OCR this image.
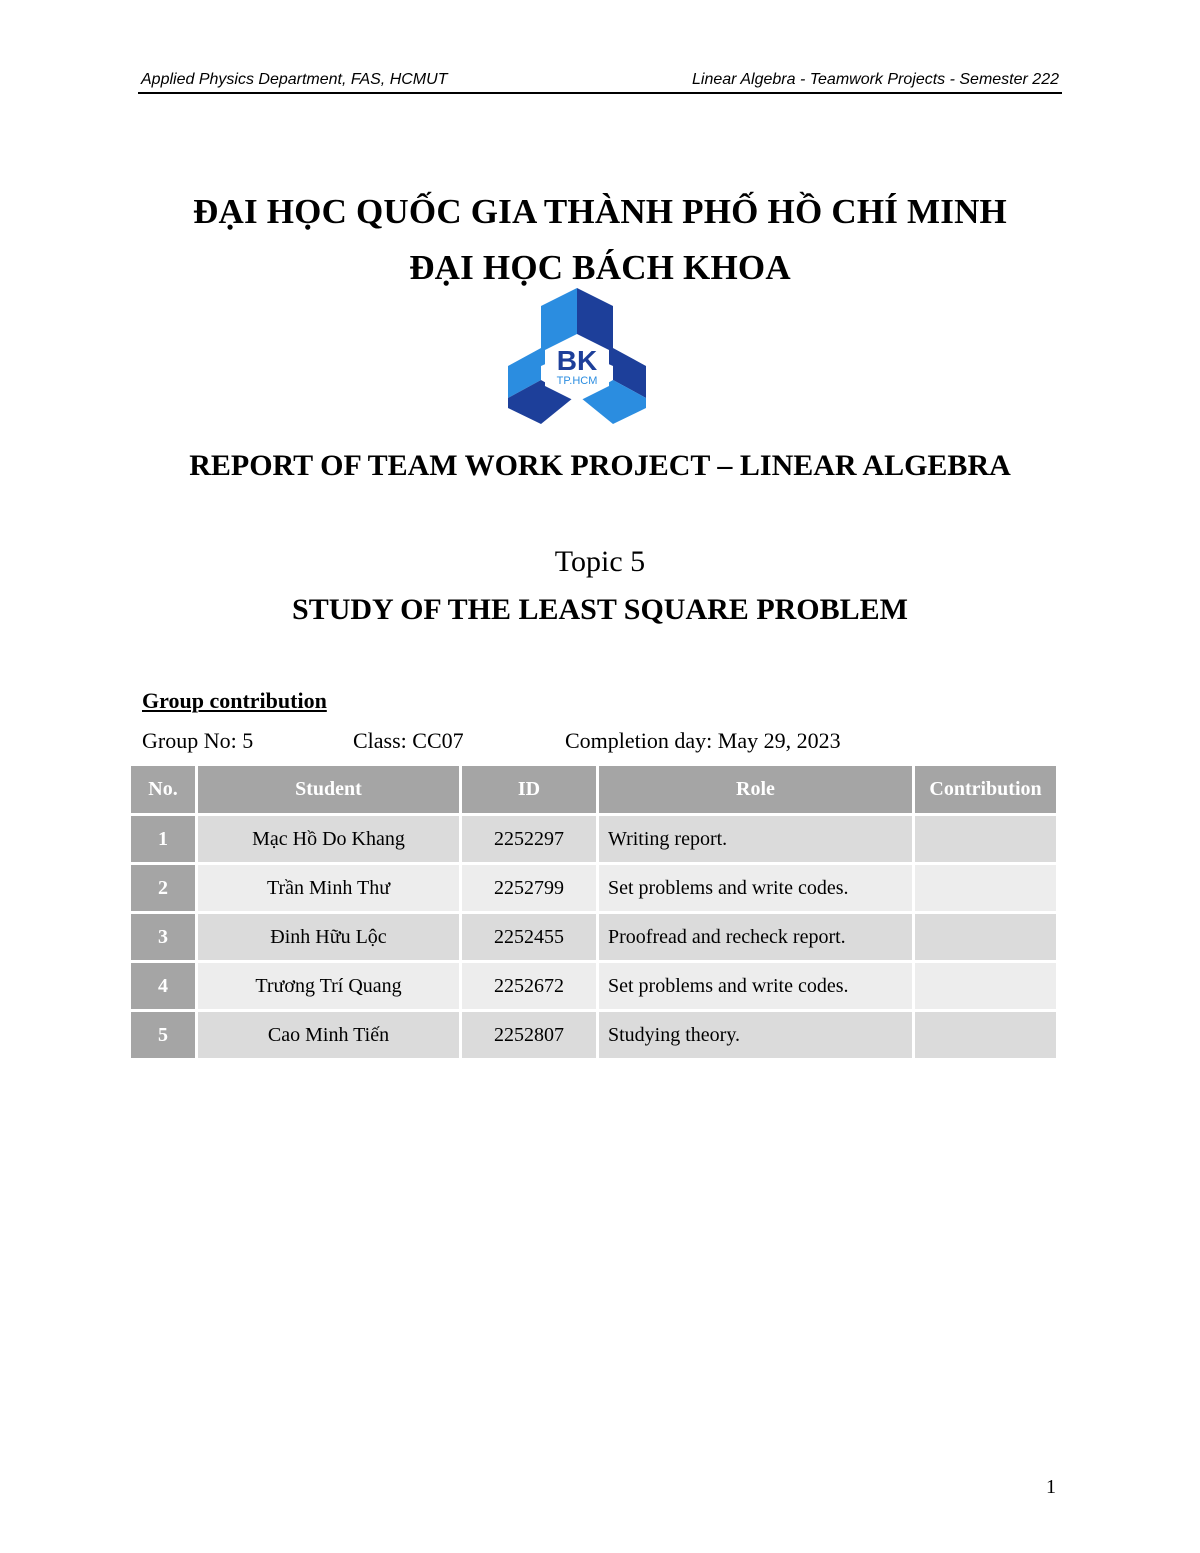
Applied Physics Department, FAS, HCMUT	Linear Algebra - Teamwork Projects - Semester 222
ĐẠI HỌC QUỐC GIA THÀNH PHỐ HỒ CHÍ MINH
ĐẠI HỌC BÁCH KHOA
BK
TP.HCM
REPORT OF TEAM WORK PROJECT – LINEAR ALGEBRA
Topic 5
STUDY OF THE LEAST SQUARE PROBLEM
Group contribution
Group No: 5	Class: CC07	Completion day: May 29, 2023
No.	Student	ID	Role	Contribution
1	Mạc Hồ Do Khang	2252297	Writing report.	
2	Trần Minh Thư	2252799	Set problems and write codes.	
3	Đinh Hữu Lộc	2252455	Proofread and recheck report.	
4	Trương Trí Quang	2252672	Set problems and write codes.	
5	Cao Minh Tiến	2252807	Studying theory.	
1
